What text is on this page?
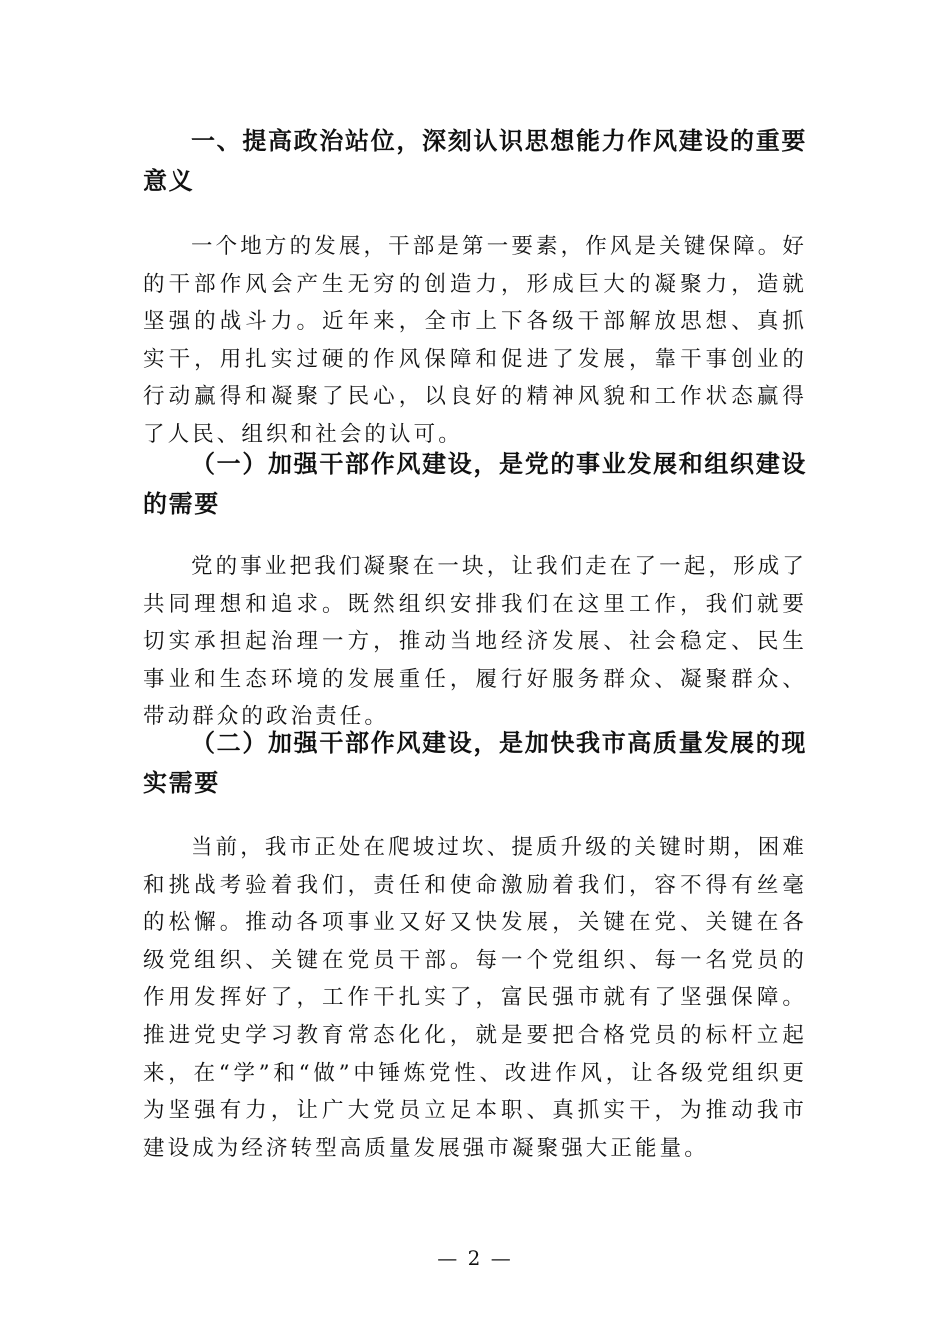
一、提高政治站位，深刻认识思想能力作风建设的重要意义

一个地方的发展，干部是第一要素，作风是关键保障。好的干部作风会产生无穷的创造力，形成巨大的凝聚力，造就坚强的战斗力。近年来，全市上下各级干部解放思想、真抓实干，用扎实过硬的作风保障和促进了发展，靠干事创业的行动赢得和凝聚了民心，以良好的精神风貌和工作状态赢得了人民、组织和社会的认可。

（一）加强干部作风建设，是党的事业发展和组织建设的需要

党的事业把我们凝聚在一块，让我们走在了一起，形成了共同理想和追求。既然组织安排我们在这里工作，我们就要切实承担起治理一方，推动当地经济发展、社会稳定、民生事业和生态环境的发展重任，履行好服务群众、凝聚群众、带动群众的政治责任。

（二）加强干部作风建设，是加快我市高质量发展的现实需要

当前，我市正处在爬坡过坎、提质升级的关键时期，困难和挑战考验着我们，责任和使命激励着我们，容不得有丝毫的松懈。推动各项事业又好又快发展，关键在党、关键在各级党组织、关键在党员干部。每一个党组织、每一名党员的作用发挥好了，工作干扎实了，富民强市就有了坚强保障。推进党史学习教育常态化化，就是要把合格党员的标杆立起来，在“学”和“做”中锤炼党性、改进作风，让各级党组织更为坚强有力，让广大党员立足本职、真抓实干，为推动我市建设成为经济转型高质量发展强市凝聚强大正能量。

— 2 —
